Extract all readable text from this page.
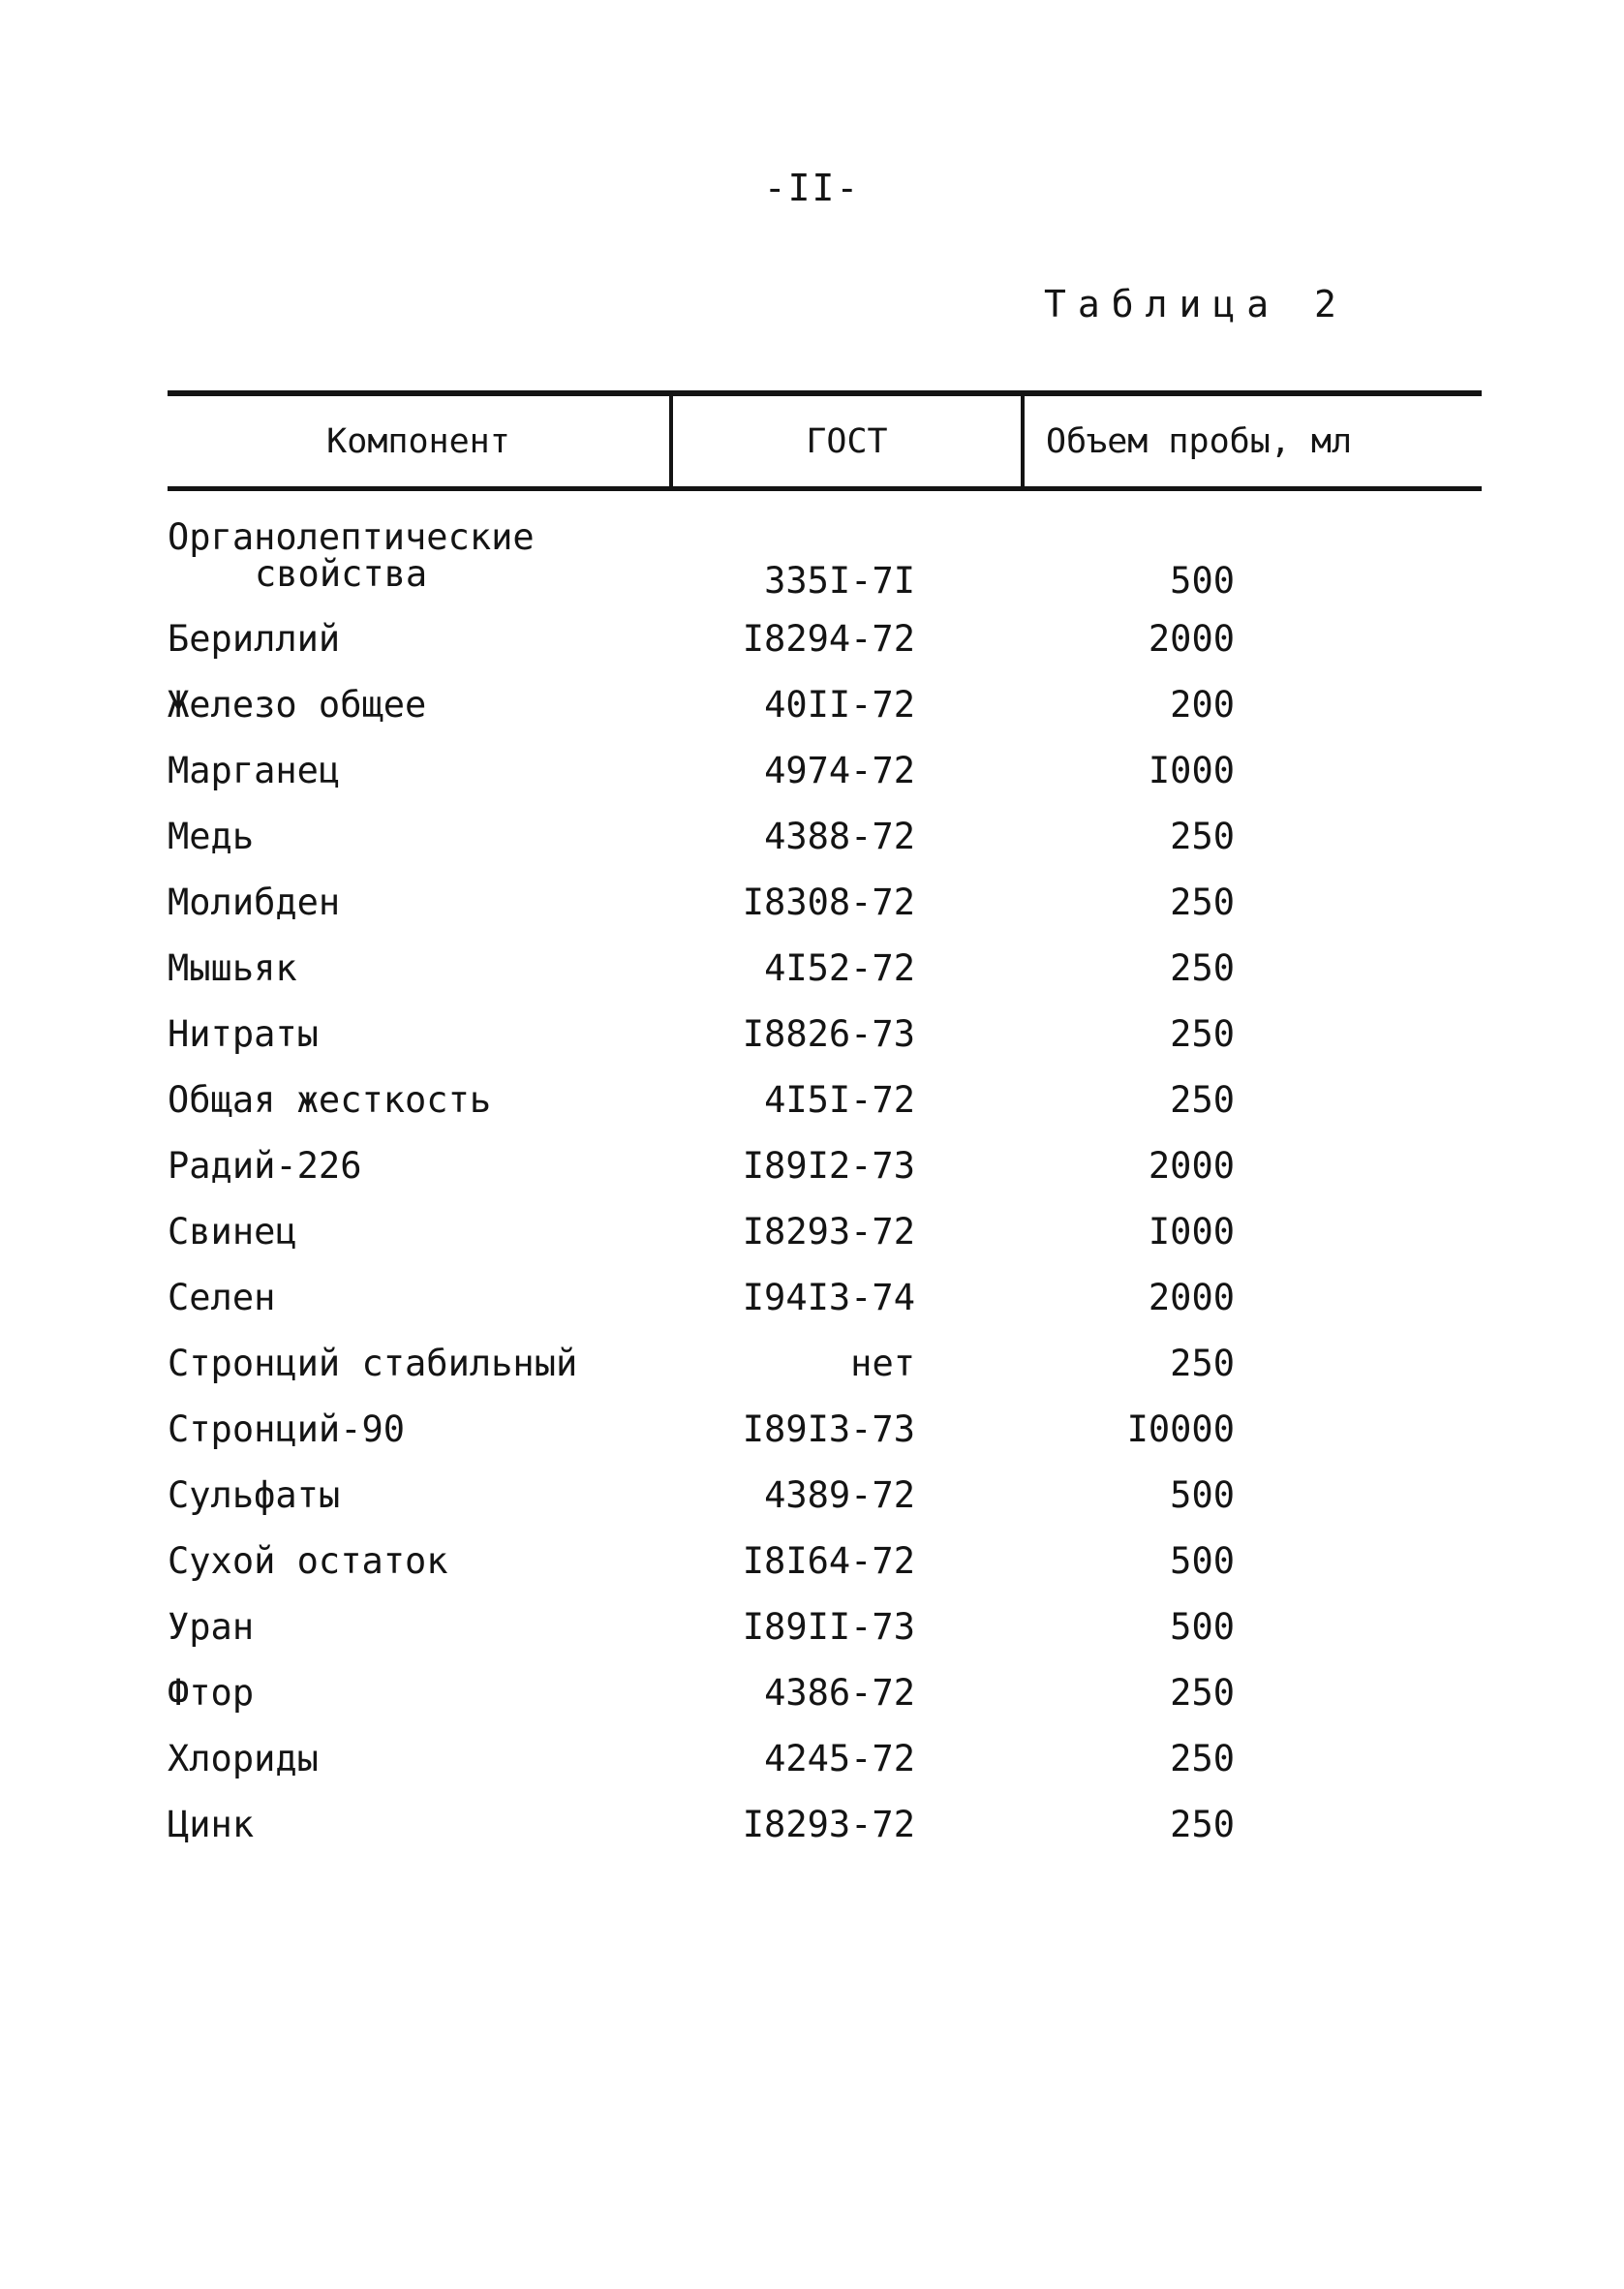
-II-
Таблица 2
Компонент	ГОСТ	Объем пробы, мл
Органолептические
свойства	335I-7I	500
Бериллий	I8294-72	2000
Железо общее	40II-72	200
Марганец	4974-72	I000
Медь	4388-72	250
Молибден	I8308-72	250
Мышьяк	4I52-72	250
Нитраты	I8826-73	250
Общая жесткость	4I5I-72	250
Радий-226	I89I2-73	2000
Свинец	I8293-72	I000
Селен	I94I3-74	2000
Стронций стабильный	нет	250
Стронций-90	I89I3-73	I0000
Сульфаты	4389-72	500
Сухой остаток	I8I64-72	500
Уран	I89II-73	500
Фтор	4386-72	250
Хлориды	4245-72	250
Цинк	I8293-72	250
